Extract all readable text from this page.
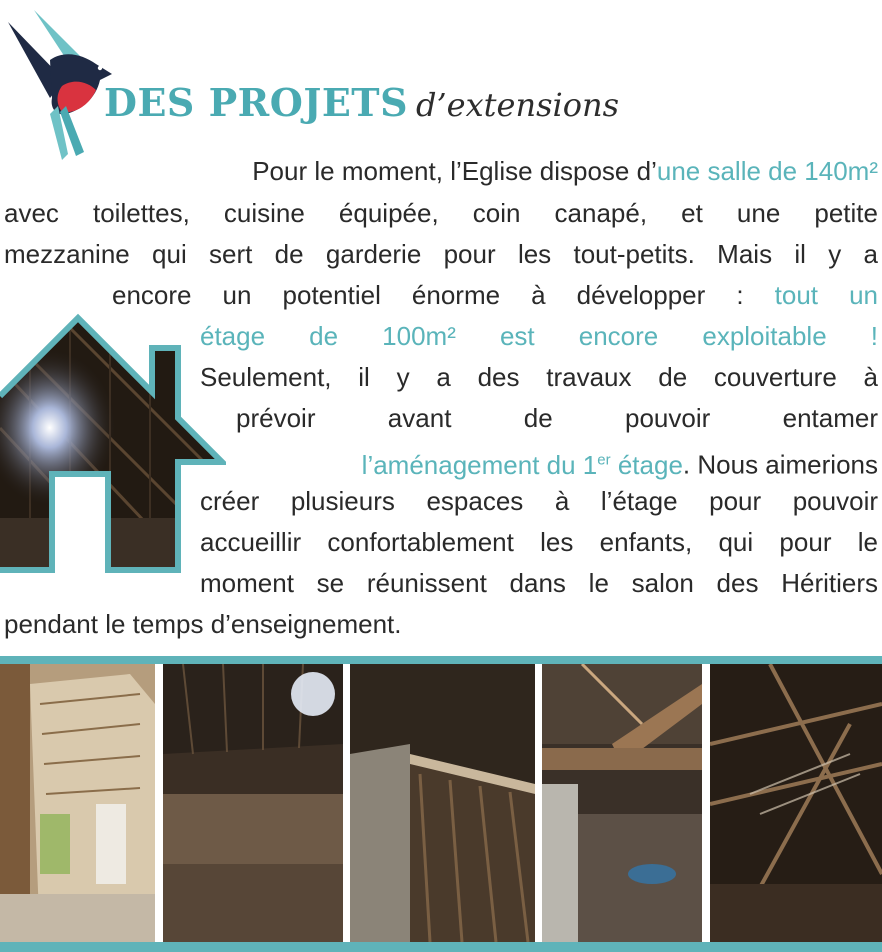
DES PROJETS d’extensions
Pour le moment, l’Eglise dispose d’une salle de 140m²
avec toilettes, cuisine équipée, coin canapé, et une petite
mezzanine qui sert de garderie pour les tout-petits. Mais il y a
encore un potentiel énorme à développer : tout un
étage de 100m² est encore exploitable !
Seulement, il y a des travaux de couverture à
prévoir avant de pouvoir entamer
l’aménagement du 1er étage. Nous aimerions
créer plusieurs espaces à l’étage pour pouvoir
accueillir confortablement les enfants, qui pour le
moment se réunissent dans le salon des Héritiers
pendant le temps d’enseignement.
